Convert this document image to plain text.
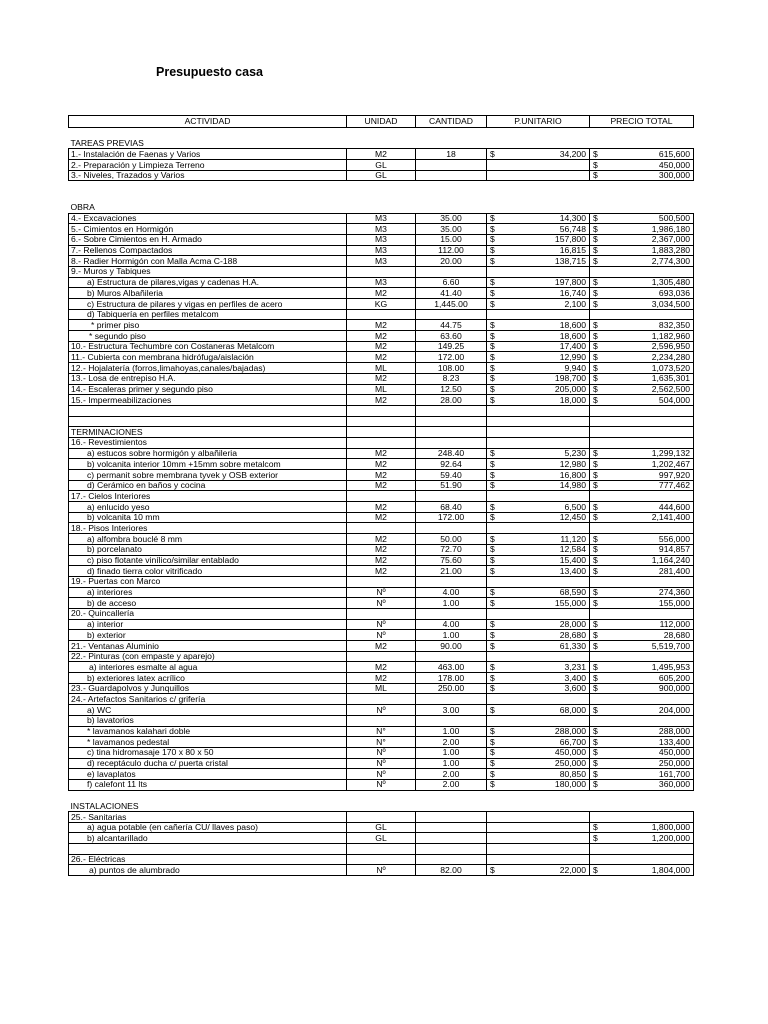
Presupuesto casa
ACTIVIDAD	UNIDAD	CANTIDAD	P.UNITARIO	PRECIO TOTAL

TAREAS PREVIAS				
1.- Instalación de Faenas y Varios	M2	18	$ 34,200	$ 615,600

2.- Preparación y Limpieza Terreno	GL			$ 450,000

3.- Niveles, Trazados y Varios	GL			$ 300,000

OBRA				
4.- Excavaciones	M3	35.00	$ 14,300	$ 500,500

5.- Cimientos en Hormigón	M3	35.00	$ 56,748	$ 1,986,180

6.- Sobre Cimientos en H. Armado	M3	15.00	$ 157,800	$ 2,367,000

7.- Rellenos Compactados	M3	112.00	$ 16,815	$ 1,883,280

8.- Radier Hormigón con Malla Acma C-188	M3	20.00	$ 138,715	$ 2,774,300

9.- Muros y Tabiques				
a) Estructura de pilares,vigas y cadenas H.A.	M3	6.60	$ 197,800	$ 1,305,480

b) Muros Albañileria	M2	41.40	$ 16,740	$ 693,036

c) Estructura de pilares y vigas en perfiles de acero	KG	1,445.00	$ 2,100	$ 3,034,500

d) Tabiquería en perfiles metalcom				
* primer piso	M2	44.75	$ 18,600	$ 832,350

* segundo piso	M2	63.60	$ 18,600	$ 1,182,960

10.- Estructura Techumbre con Costaneras Metalcom	M2	149.25	$ 17,400	$ 2,596,950

11.- Cubierta con membrana hidrófuga/aislación	M2	172.00	$ 12,990	$ 2,234,280

12.- Hojalatería (forros,limahoyas,canales/bajadas)	ML	108.00	$ 9,940	$ 1,073,520

13.- Losa de entrepiso H.A.	M2	8.23	$ 198,700	$ 1,635,301

14.- Escaleras primer y segundo piso	ML	12.50	$ 205,000	$ 2,562,500

15.- Impermeabilizaciones	M2	28.00	$ 18,000	$ 504,000

TERMINACIONES				
16.- Revestimientos				
a) estucos sobre hormigón y albañileria	M2	248.40	$ 5,230	$ 1,299,132

b) volcanita interior 10mm +15mm sobre metalcom	M2	92.64	$ 12,980	$ 1,202,467

c) permanit sobre membrana tyvek y OSB exterior	M2	59.40	$ 16,800	$ 997,920

d) Cerámico en baños y cocina	M2	51.90	$ 14,980	$ 777,462

17.- Cielos Interiores				
a) enlucido yeso	M2	68.40	$ 6,500	$ 444,600

b) volcanita 10 mm	M2	172.00	$ 12,450	$ 2,141,400

18.- Pisos Interiores				
a) alfombra bouclé 8 mm	M2	50.00	$ 11,120	$ 556,000

b) porcelanato	M2	72.70	$ 12,584	$ 914,857

c) piso flotante vinílico/similar entablado	M2	75.60	$ 15,400	$ 1,164,240

d) finado tierra color vitrificado	M2	21.00	$ 13,400	$ 281,400

19.- Puertas con Marco				
a) interiores	Nº	4.00	$ 68,590	$ 274,360

b) de acceso	Nº	1.00	$ 155,000	$ 155,000

20.- Quincallería				
a) interior	Nº	4.00	$ 28,000	$ 112,000

b) exterior	Nº	1.00	$ 28,680	$ 28,680

21.- Ventanas Aluminio	M2	90.00	$ 61,330	$ 5,519,700

22.- Pinturas (con empaste y aparejo)				
a) interiores esmalte al agua	M2	463.00	$ 3,231	$ 1,495,953

b) exteriores latex acrílico	M2	178.00	$ 3,400	$ 605,200

23.- Guardapolvos y Junquillos	ML	250.00	$ 3,600	$ 900,000

24.- Artefactos Sanitarios c/ grifería				
a) WC	Nº	3.00	$ 68,000	$ 204,000

b) lavatorios				
* lavamanos kalahari doble	N°	1.00	$ 288,000	$ 288,000

* lavamanos pedestal	N°	2.00	$ 66,700	$ 133,400

c) tina hidromasaje 170 x 80 x 50	Nº	1.00	$ 450,000	$ 450,000

d) receptáculo ducha c/ puerta cristal	Nº	1.00	$ 250,000	$ 250,000

e) lavaplatos	Nº	2.00	$ 80,850	$ 161,700

f) calefont 11 lts	Nº	2.00	$ 180,000	$ 360,000

INSTALACIONES				
25.- Sanitarias				
a) agua potable (en cañería CU/ llaves paso)	GL			$ 1,800,000

b) alcantarillado	GL			$ 1,200,000

26.- Eléctricas				
a) puntos de alumbrado	Nº	82.00	$ 22,000	$ 1,804,000
